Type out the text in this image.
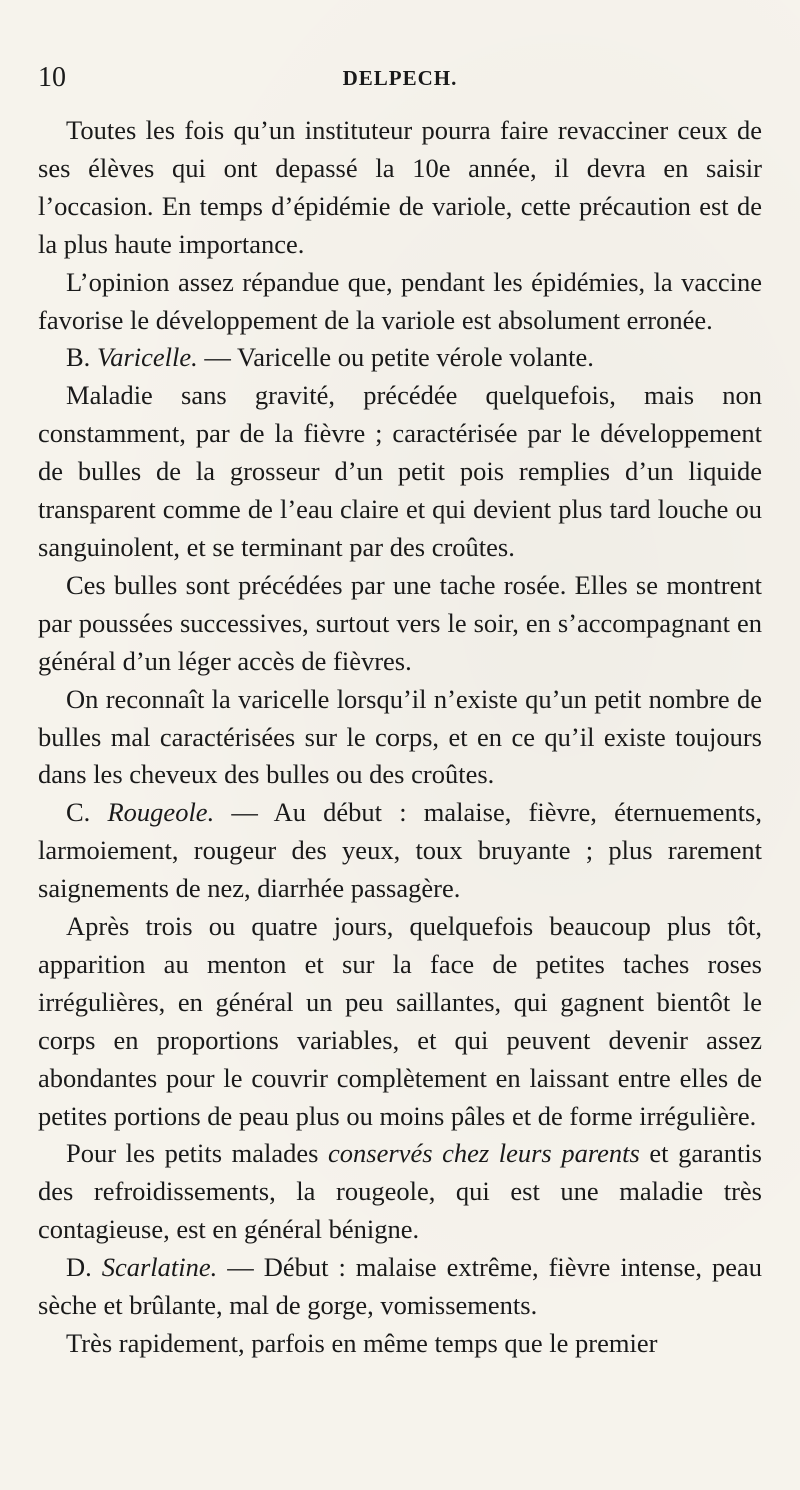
10	DELPECH.

Toutes les fois qu’un instituteur pourra faire revacciner ceux de ses élèves qui ont depassé la 10e année, il devra en saisir l’occasion. En temps d’épidémie de variole, cette précaution est de la plus haute importance.

L’opinion assez répandue que, pendant les épidémies, la vaccine favorise le développement de la variole est absolument erronée.

B. Varicelle. — Varicelle ou petite vérole volante.

Maladie sans gravité, précédée quelquefois, mais non constamment, par de la fièvre ; caractérisée par le développement de bulles de la grosseur d’un petit pois remplies d’un liquide transparent comme de l’eau claire et qui devient plus tard louche ou sanguinolent, et se terminant par des croûtes.

Ces bulles sont précédées par une tache rosée. Elles se montrent par poussées successives, surtout vers le soir, en s’accompagnant en général d’un léger accès de fièvres.

On reconnaît la varicelle lorsqu’il n’existe qu’un petit nombre de bulles mal caractérisées sur le corps, et en ce qu’il existe toujours dans les cheveux des bulles ou des croûtes.

C. Rougeole. — Au début : malaise, fièvre, éternuements, larmoiement, rougeur des yeux, toux bruyante ; plus rarement saignements de nez, diarrhée passagère.

Après trois ou quatre jours, quelquefois beaucoup plus tôt, apparition au menton et sur la face de petites taches roses irrégulières, en général un peu saillantes, qui gagnent bientôt le corps en proportions variables, et qui peuvent devenir assez abondantes pour le couvrir complètement en laissant entre elles de petites portions de peau plus ou moins pâles et de forme irrégulière.

Pour les petits malades conservés chez leurs parents et garantis des refroidissements, la rougeole, qui est une maladie très contagieuse, est en général bénigne.

D. Scarlatine. — Début : malaise extrême, fièvre intense, peau sèche et brûlante, mal de gorge, vomissements.

Très rapidement, parfois en même temps que le premier
